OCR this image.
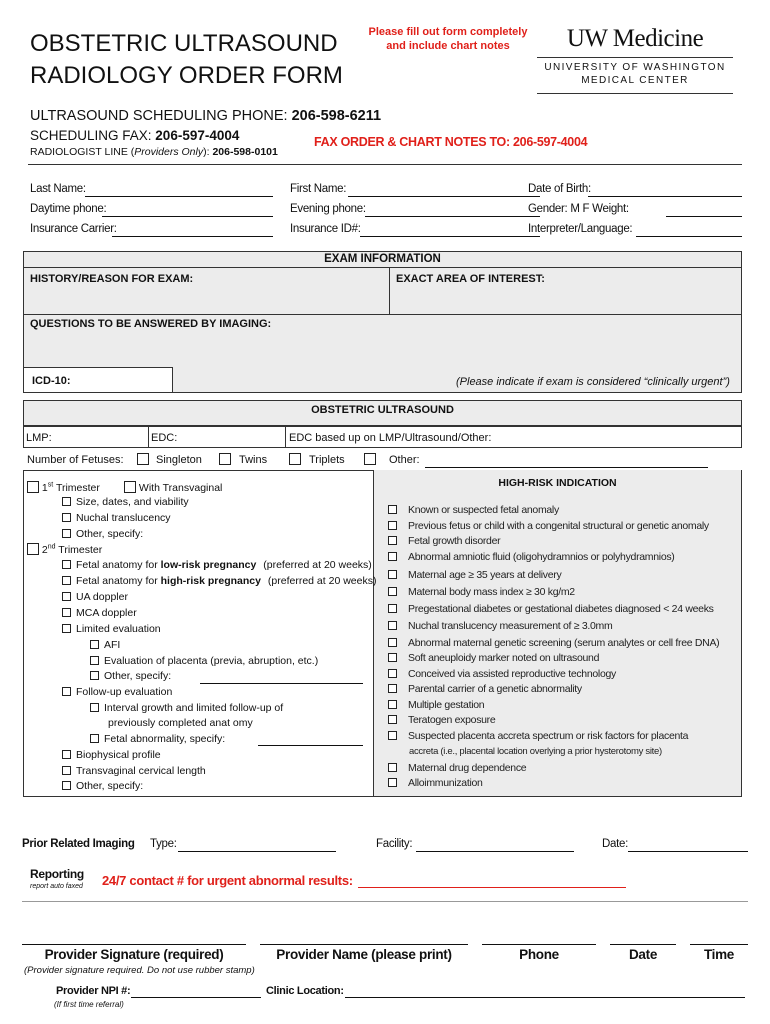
OBSTETRIC ULTRASOUND
RADIOLOGY ORDER FORM
Please fill out form completely
and include chart notes	UW Medicine
UNIVERSITY OF WASHINGTON
MEDICAL CENTER
ULTRASOUND SCHEDULING PHONE: 206-598-6211
SCHEDULING FAX: 206-597-4004
RADIOLOGIST LINE (Providers Only): 206-598-0101
FAX ORDER & CHART NOTES TO: 206-597-4004
Last Name:	First Name:	Date of Birth:
Daytime phone:	Evening phone:	Gender: M F Weight:
Insurance Carrier:	Insurance ID#:	Interpreter/Language:
EXAM INFORMATION
HISTORY/REASON FOR EXAM:	EXACT AREA OF INTEREST:
QUESTIONS TO BE ANSWERED BY IMAGING:
ICD-10:	(Please indicate if exam is considered “clinically urgent”)
OBSTETRIC ULTRASOUND
LMP:	EDC:	EDC based up on LMP/Ultrasound/Other:
Number of Fetuses:	Singleton	Twins	Triplets	Other:
1st Trimester	With Transvaginal
Size, dates, and viability
Nuchal translucency
Other, specify:
2nd Trimester
Fetal anatomy for low-risk pregnancy (preferred at 20 weeks)
Fetal anatomy for high-risk pregnancy (preferred at 20 weeks)
UA doppler
MCA doppler
Limited evaluation
AFI
Evaluation of placenta (previa, abruption, etc.)
Other, specify:
Follow-up evaluation
Interval growth and limited follow-up of
previously completed anat omy
Fetal abnormality, specify:
Biophysical profile
Transvaginal cervical length
Other, specify:
HIGH-RISK INDICATION
Known or suspected fetal anomaly
Previous fetus or child with a congenital structural or genetic anomaly
Fetal growth disorder
Abnormal amniotic fluid (oligohydramnios or polyhydramnios)
Maternal age ≥ 35 years at delivery
Maternal body mass index ≥ 30 kg/m2
Pregestational diabetes or gestational diabetes diagnosed < 24 weeks
Nuchal translucency measurement of ≥ 3.0mm
Abnormal maternal genetic screening (serum analytes or cell free DNA)
Soft aneuploidy marker noted on ultrasound
Conceived via assisted reproductive technology
Parental carrier of a genetic abnormality
Multiple gestation
Teratogen exposure
Suspected placenta accreta spectrum or risk factors for placenta
accreta (i.e., placental location overlying a prior hysterotomy site)
Maternal drug dependence
Alloimmunization
Prior Related Imaging Type:	Facility:	Date:
Reporting
report auto faxed 24/7 contact # for urgent abnormal results:
Provider Signature (required)	Provider Name (please print)	Phone	Date	Time
(Provider signature required. Do not use rubber stamp)
Provider NPI #:	Clinic Location:
(If first time referral)
